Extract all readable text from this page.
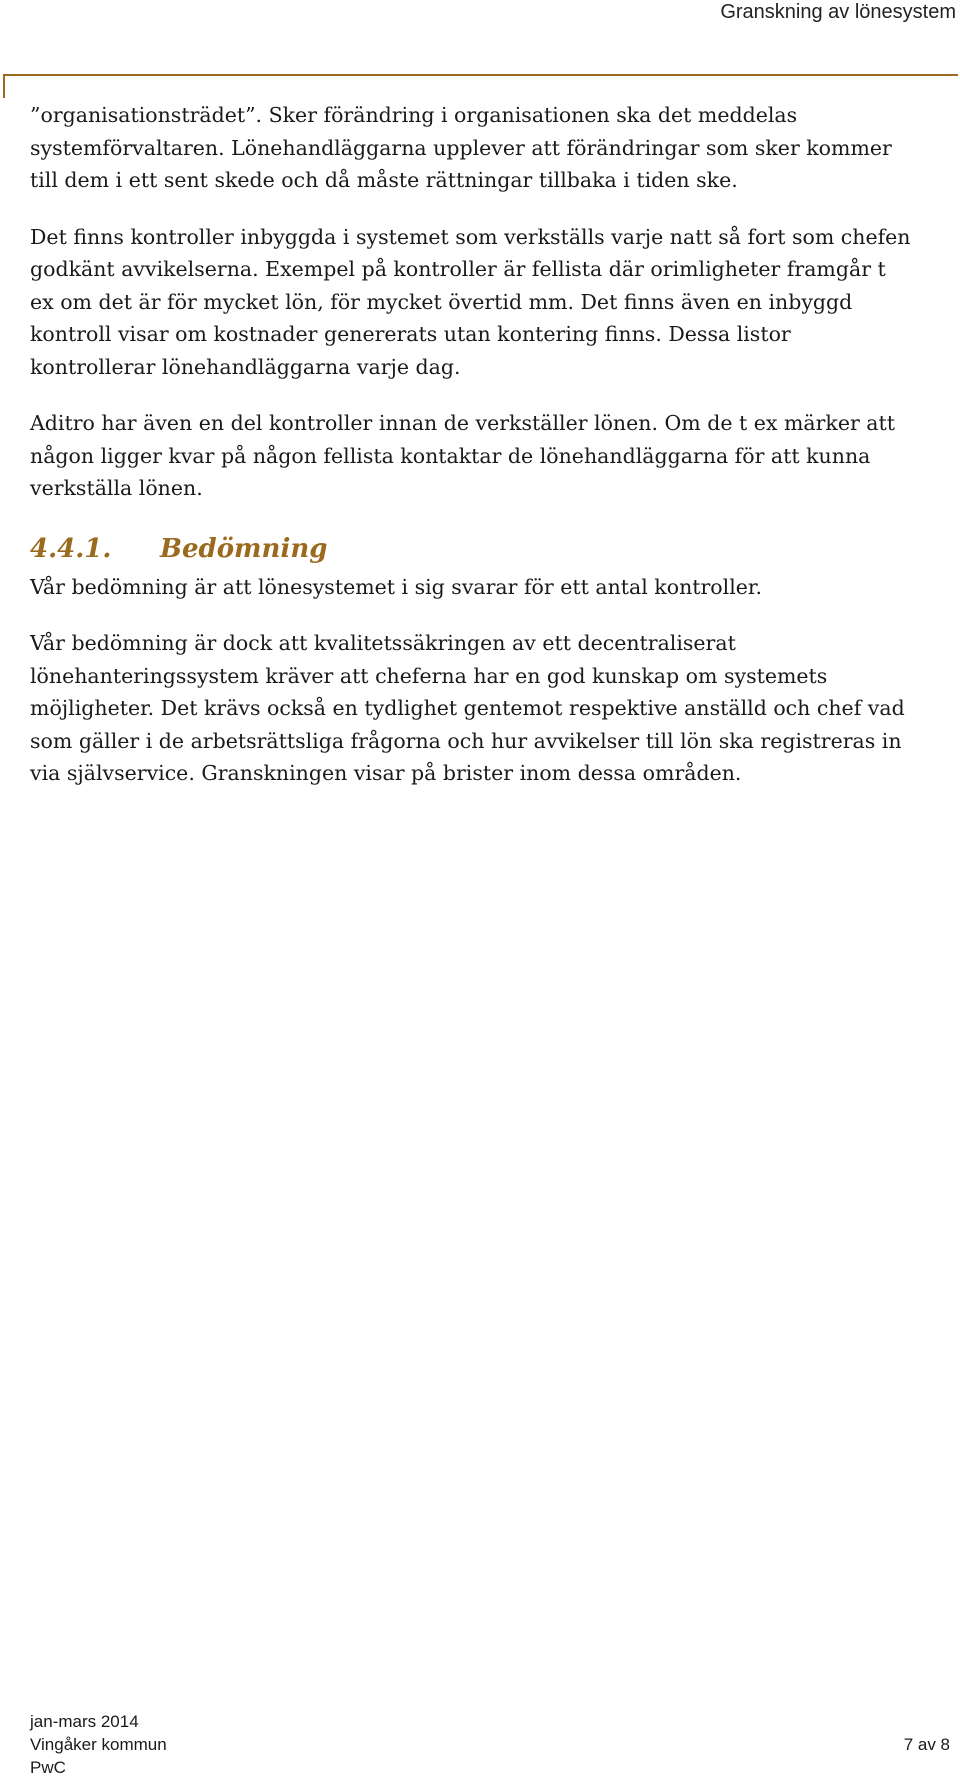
Granskning av lönesystem

”organisationsträdet”. Sker förändring i organisationen ska det meddelas
systemförvaltaren. Lönehandläggarna upplever att förändringar som sker kommer
till dem i ett sent skede och då måste rättningar tillbaka i tiden ske.

Det finns kontroller inbyggda i systemet som verkställs varje natt så fort som chefen
godkänt avvikelserna. Exempel på kontroller är fellista där orimligheter framgår t
ex om det är för mycket lön, för mycket övertid mm. Det finns även en inbyggd
kontroll visar om kostnader genererats utan kontering finns. Dessa listor
kontrollerar lönehandläggarna varje dag.

Aditro har även en del kontroller innan de verkställer lönen. Om de t ex märker att
någon ligger kvar på någon fellista kontaktar de lönehandläggarna för att kunna
verkställa lönen.

4.4.1. Bedömning

Vår bedömning är att lönesystemet i sig svarar för ett antal kontroller.

Vår bedömning är dock att kvalitetssäkringen av ett decentraliserat
lönehanteringssystem kräver att cheferna har en god kunskap om systemets
möjligheter. Det krävs också en tydlighet gentemot respektive anställd och chef vad
som gäller i de arbetsrättsliga frågorna och hur avvikelser till lön ska registreras in
via självservice. Granskningen visar på brister inom dessa områden.

jan-mars 2014
Vingåker kommun
PwC
7 av 8
